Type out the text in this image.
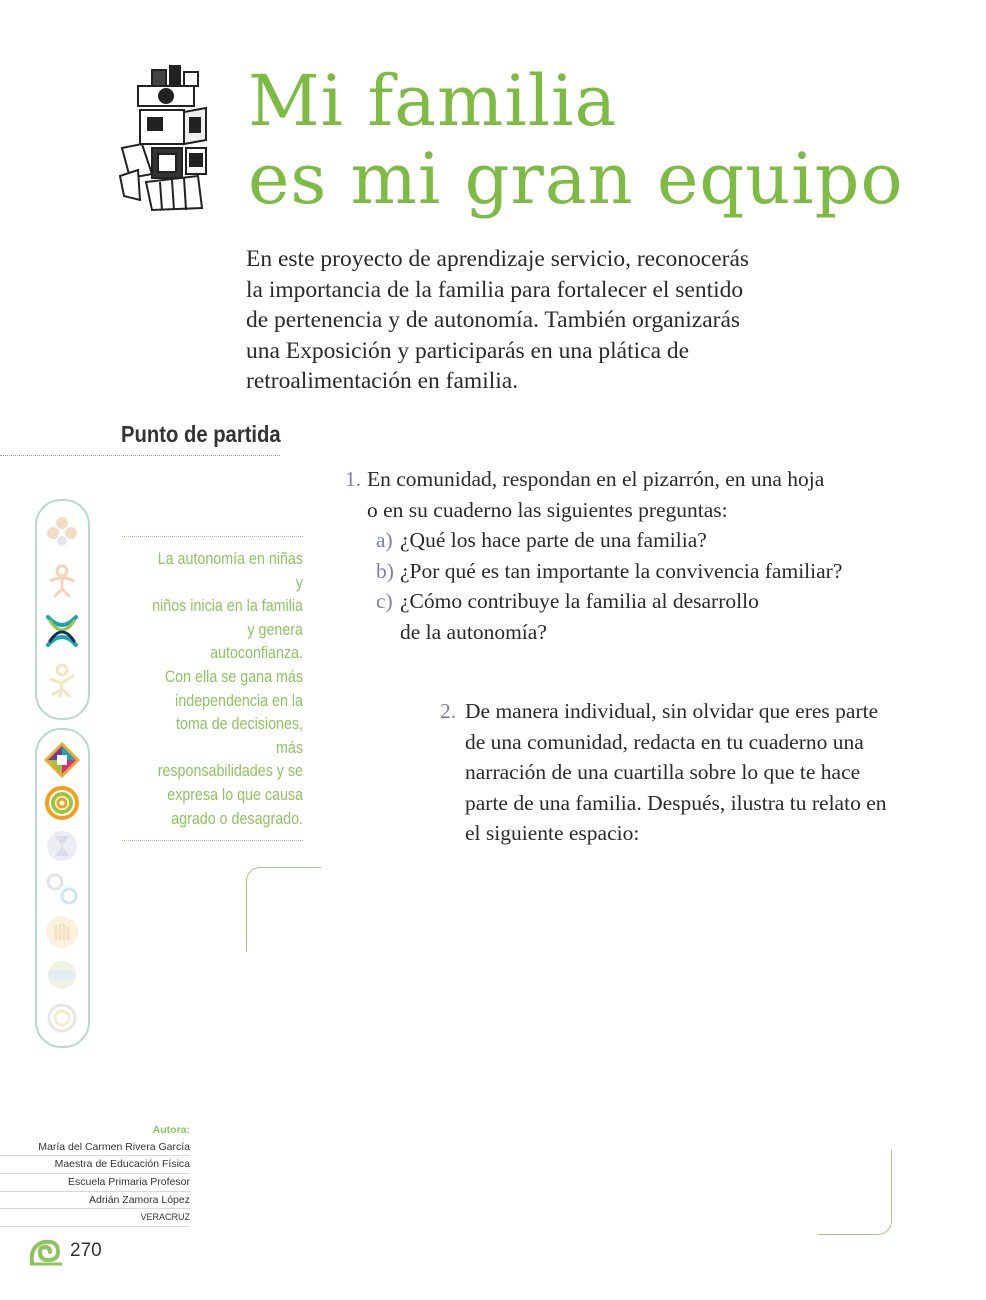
Mi familia
es mi gran equipo

En este proyecto de aprendizaje servicio, reconocerás la importancia de la familia para fortalecer el sentido de pertenencia y de autonomía. También organizarás una Exposición y participarás en una plática de retroalimentación en familia.

Punto de partida
1. En comunidad, respondan en el pizarrón, en una hoja
o en su cuaderno las siguientes preguntas:
a) ¿Qué los hace parte de una familia?
b) ¿Por qué es tan importante la convivencia familiar?
c) ¿Cómo contribuye la familia al desarrollo
de la autonomía?
2. De manera individual, sin olvidar que eres parte
de una comunidad, redacta en tu cuaderno una
narración de una cuartilla sobre lo que te hace
parte de una familia. Después, ilustra tu relato en
el siguiente espacio:

La autonomía en niñas y

niños inicia en la familia

y genera autoconfianza.

Con ella se gana más

independencia en la

toma de decisiones, más

responsabilidades y se

expresa lo que causa

agrado o desagrado.

Autora:
María del Carmen Rivera García
Maestra de Educación Física
Escuela Primaria Profesor
Adrián Zamora López
VERACRUZ
270
